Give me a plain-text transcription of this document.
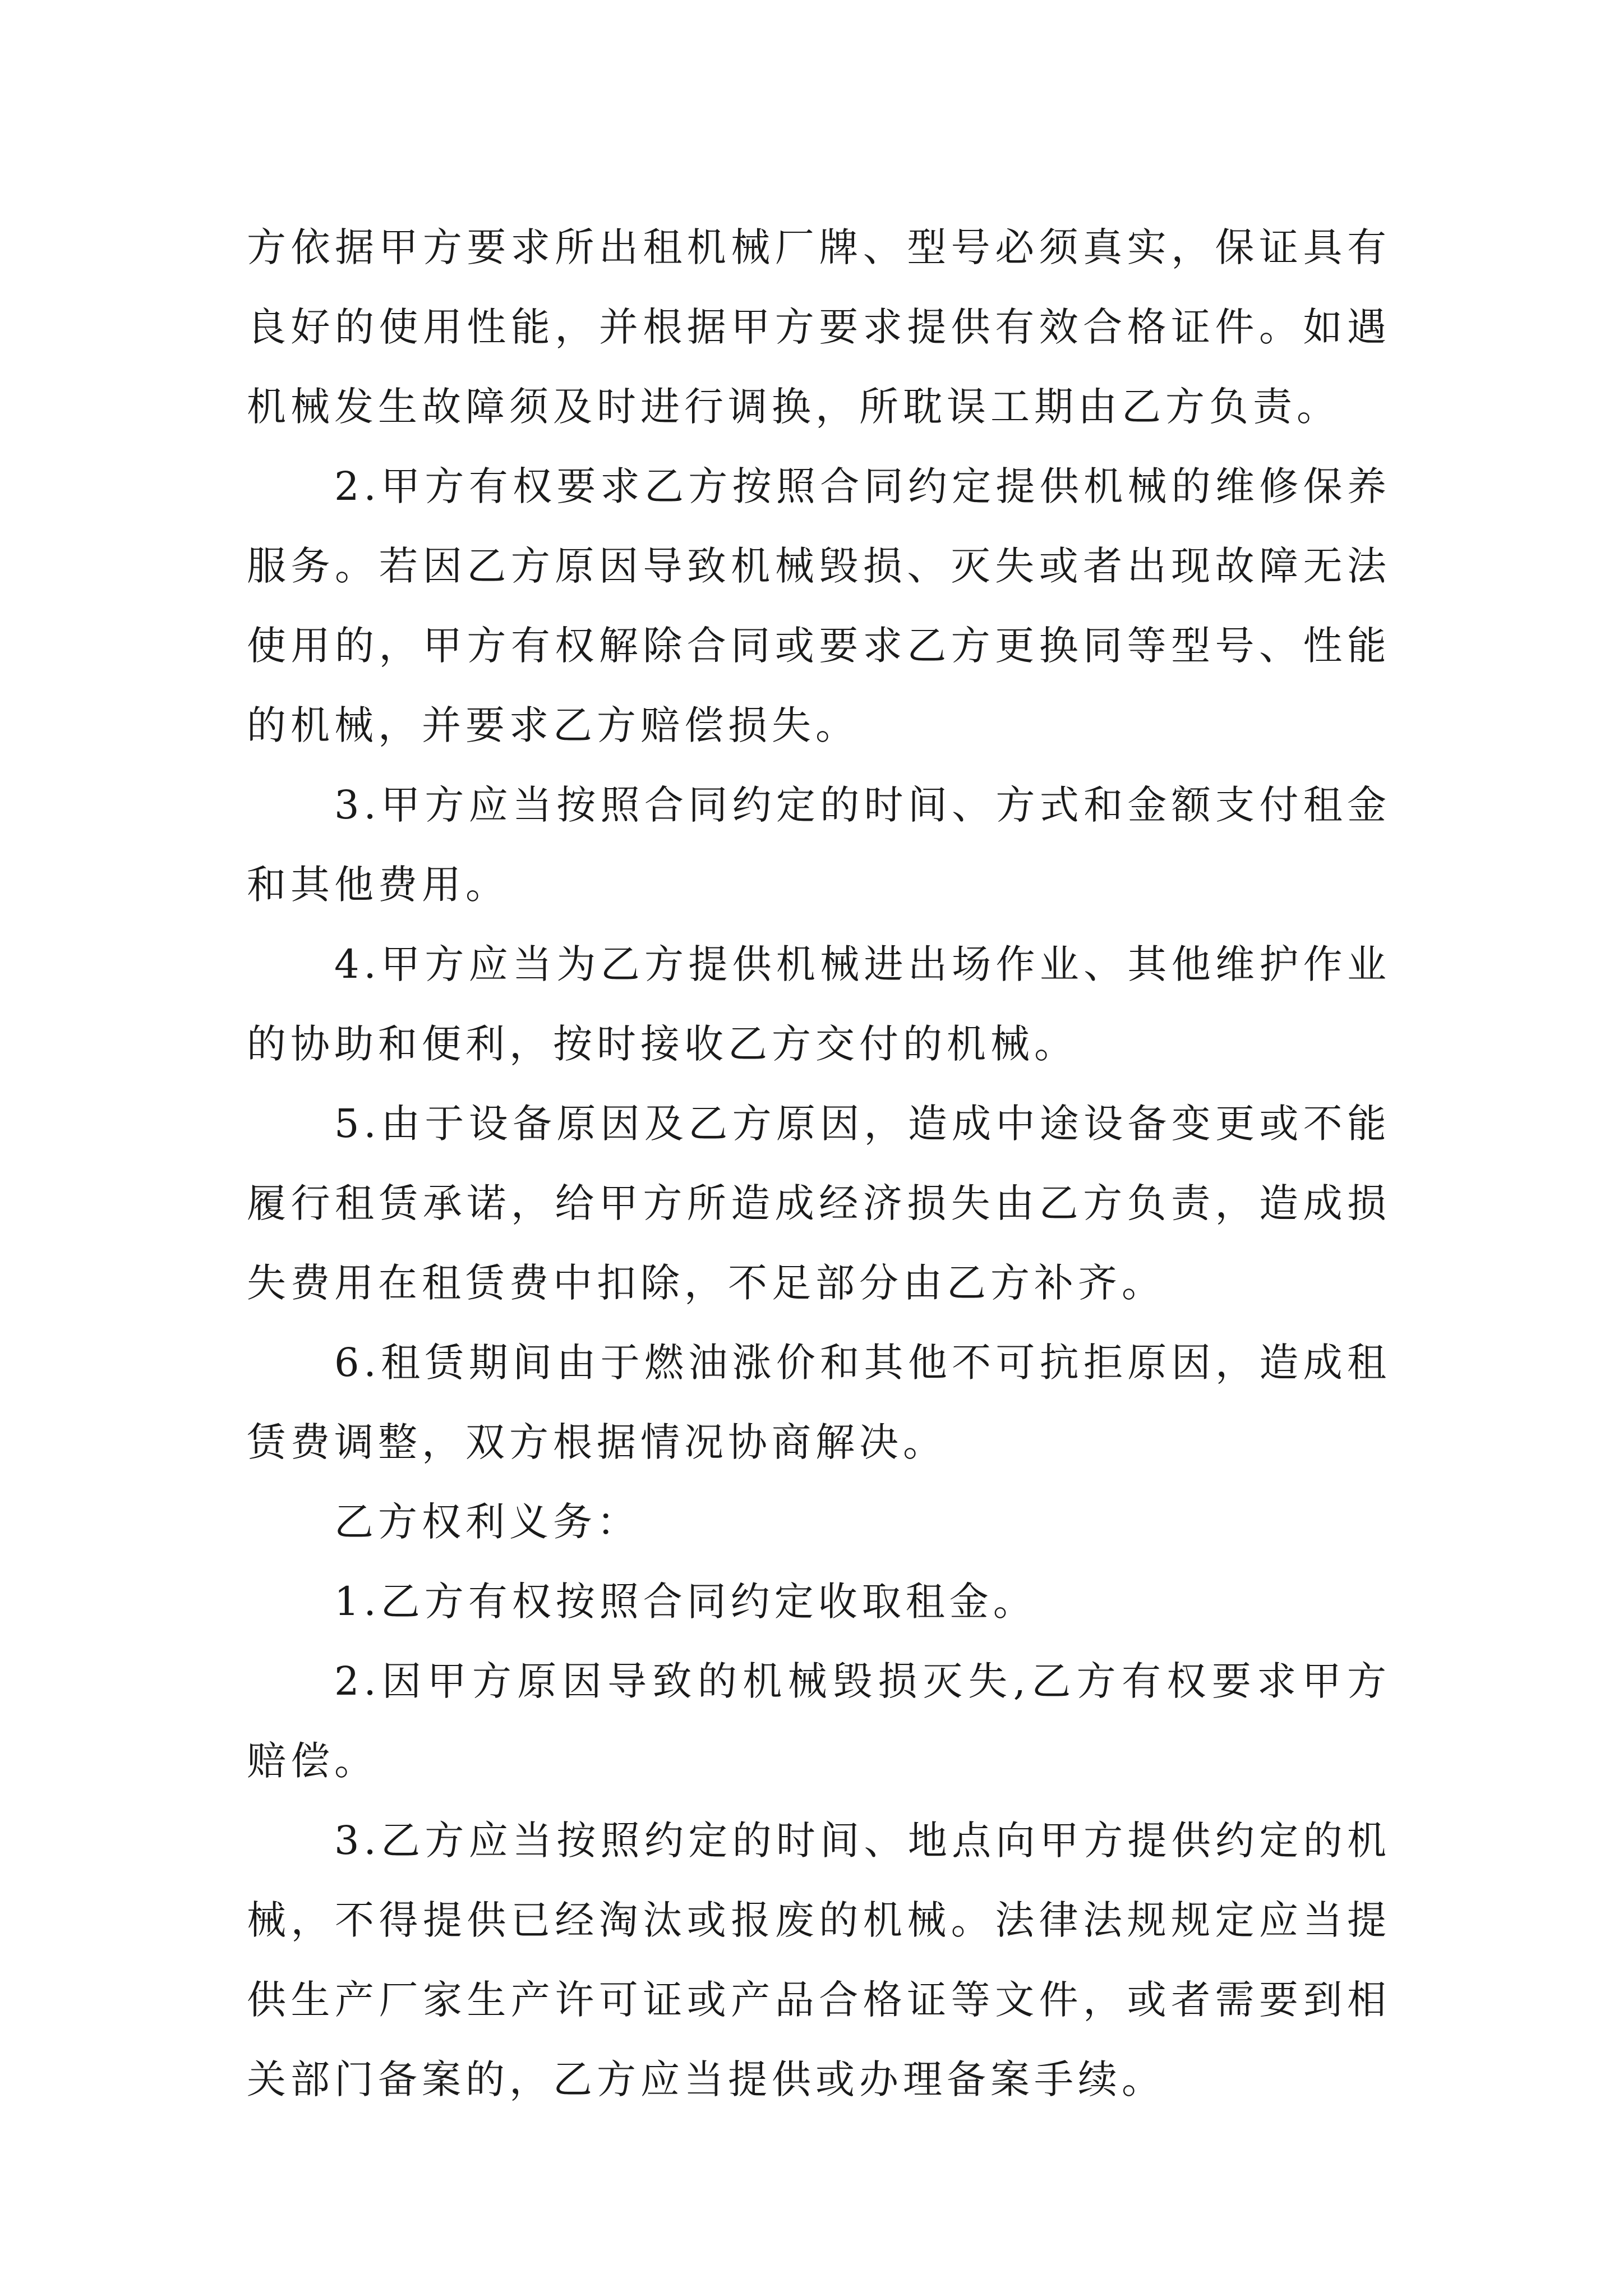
方依据甲方要求所出租机械厂牌、型号必须真实，保证具有良好的使用性能，并根据甲方要求提供有效合格证件。如遇机械发生故障须及时进行调换，所耽误工期由乙方负责。

2.甲方有权要求乙方按照合同约定提供机械的维修保养服务。若因乙方原因导致机械毁损、灭失或者出现故障无法使用的，甲方有权解除合同或要求乙方更换同等型号、性能的机械，并要求乙方赔偿损失。

3.甲方应当按照合同约定的时间、方式和金额支付租金和其他费用。

4.甲方应当为乙方提供机械进出场作业、其他维护作业的协助和便利，按时接收乙方交付的机械。

5.由于设备原因及乙方原因，造成中途设备变更或不能履行租赁承诺，给甲方所造成经济损失由乙方负责，造成损失费用在租赁费中扣除，不足部分由乙方补齐。

6.租赁期间由于燃油涨价和其他不可抗拒原因，造成租赁费调整，双方根据情况协商解决。

乙方权利义务：

1.乙方有权按照合同约定收取租金。

2.因甲方原因导致的机械毁损灭失,乙方有权要求甲方赔偿。

3.乙方应当按照约定的时间、地点向甲方提供约定的机械，不得提供已经淘汰或报废的机械。法律法规规定应当提供生产厂家生产许可证或产品合格证等文件，或者需要到相关部门备案的，乙方应当提供或办理备案手续。
